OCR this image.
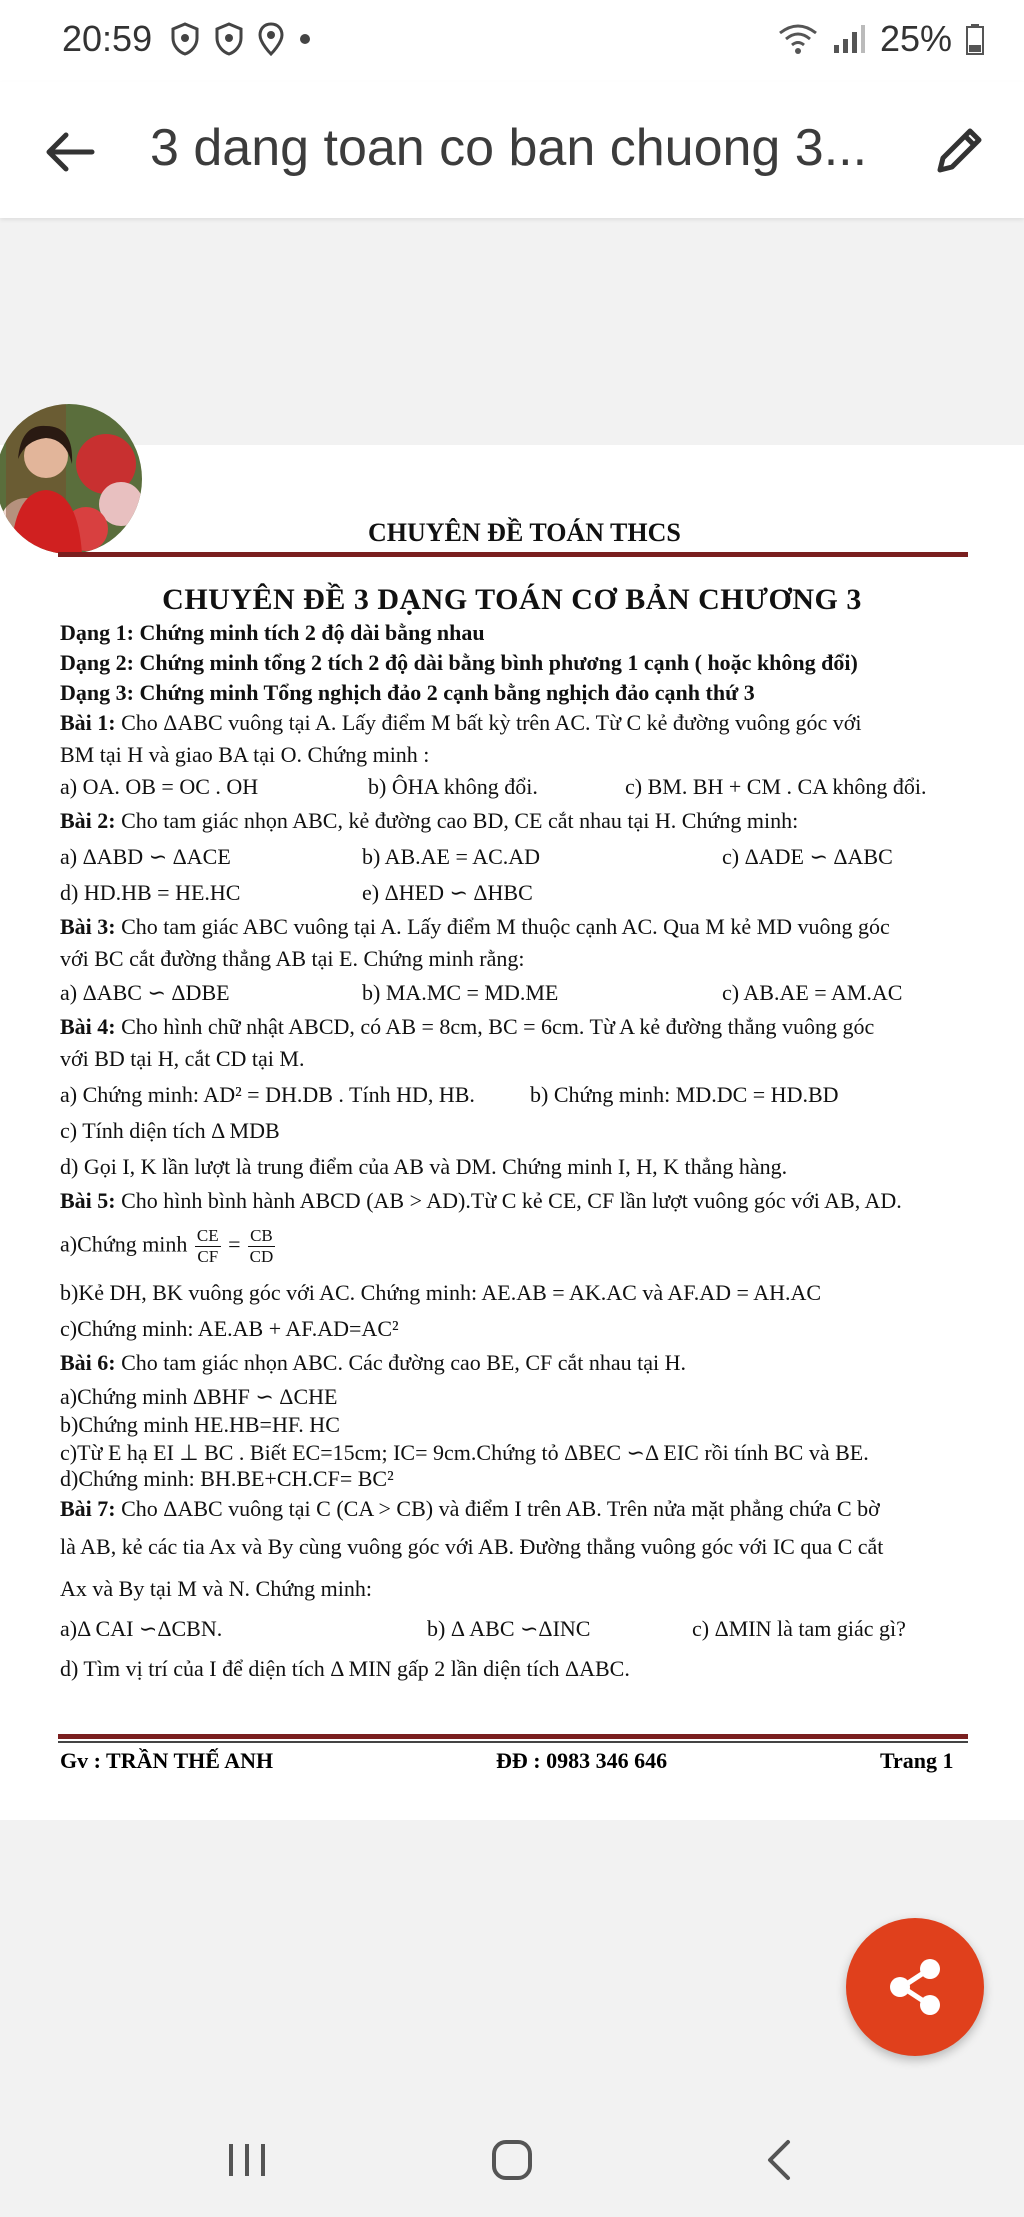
20:59	25%
3 dang toan co ban chuong 3...
CHUYÊN ĐỀ TOÁN THCS
CHUYÊN ĐỀ 3 DẠNG TOÁN CƠ BẢN CHƯƠNG 3
Dạng 1: Chứng minh tích 2 độ dài bằng nhau
Dạng 2: Chứng minh tổng 2 tích 2 độ dài bằng bình phương 1 cạnh ( hoặc không đổi)
Dạng 3: Chứng minh Tổng nghịch đảo 2 cạnh bằng nghịch đảo cạnh thứ 3
Bài 1: Cho ΔABC vuông tại A. Lấy điểm M bất kỳ trên AC. Từ C kẻ đường vuông góc với
BM tại H và giao BA tại O. Chứng minh :
a) OA. OB = OC . OH	b) ÔHA không đổi.	c) BM. BH + CM . CA không đổi.
Bài 2: Cho tam giác nhọn ABC, kẻ đường cao BD, CE cắt nhau tại H. Chứng minh:
a) ΔABD ∽ ΔACE	b) AB.AE = AC.AD	c) ΔADE ∽ ΔABC
d) HD.HB = HE.HC	e) ΔHED ∽ ΔHBC
Bài 3: Cho tam giác ABC vuông tại A. Lấy điểm M thuộc cạnh AC. Qua M kẻ MD vuông góc
với BC cắt đường thẳng AB tại E. Chứng minh rằng:
a) ΔABC ∽ ΔDBE	b) MA.MC = MD.ME	c) AB.AE = AM.AC
Bài 4: Cho hình chữ nhật ABCD, có AB = 8cm, BC = 6cm. Từ A kẻ đường thẳng vuông góc
với BD tại H, cắt CD tại M.
a) Chứng minh: AD² = DH.DB . Tính HD, HB.	b) Chứng minh: MD.DC = HD.BD
c) Tính diện tích Δ MDB
d) Gọi I, K lần lượt là trung điểm của AB và DM. Chứng minh I, H, K thẳng hàng.
Bài 5: Cho hình bình hành ABCD (AB > AD).Từ C kẻ CE, CF lần lượt vuông góc với AB, AD.
a)Chứng minh $\frac{CE}{CF} = \frac{CB}{CD}$
b)Kẻ DH, BK vuông góc với AC. Chứng minh: AE.AB = AK.AC và AF.AD = AH.AC
c)Chứng minh: AE.AB + AF.AD=AC²
Bài 6: Cho tam giác nhọn ABC. Các đường cao BE, CF cắt nhau tại H.
a)Chứng minh ΔBHF ∽ ΔCHE
b)Chứng minh HE.HB=HF. HC
c)Từ E hạ EI ⊥ BC . Biết EC=15cm; IC= 9cm.Chứng tỏ ΔBEC ∽Δ EIC rồi tính BC và BE.
d)Chứng minh: BH.BE+CH.CF= BC²
Bài 7: Cho ΔABC vuông tại C (CA > CB) và điểm I trên AB. Trên nửa mặt phẳng chứa C bờ
là AB, kẻ các tia Ax và By cùng vuông góc với AB. Đường thẳng vuông góc với IC qua C cắt
Ax và By tại M và N. Chứng minh:
a)Δ CAI ∽ΔCBN.	b) Δ ABC ∽ΔINC	c) ΔMIN là tam giác gì?
d) Tìm vị trí của I để diện tích Δ MIN gấp 2 lần diện tích ΔABC.
Gv : TRẦN THẾ ANH	ĐĐ : 0983 346 646	Trang 1
